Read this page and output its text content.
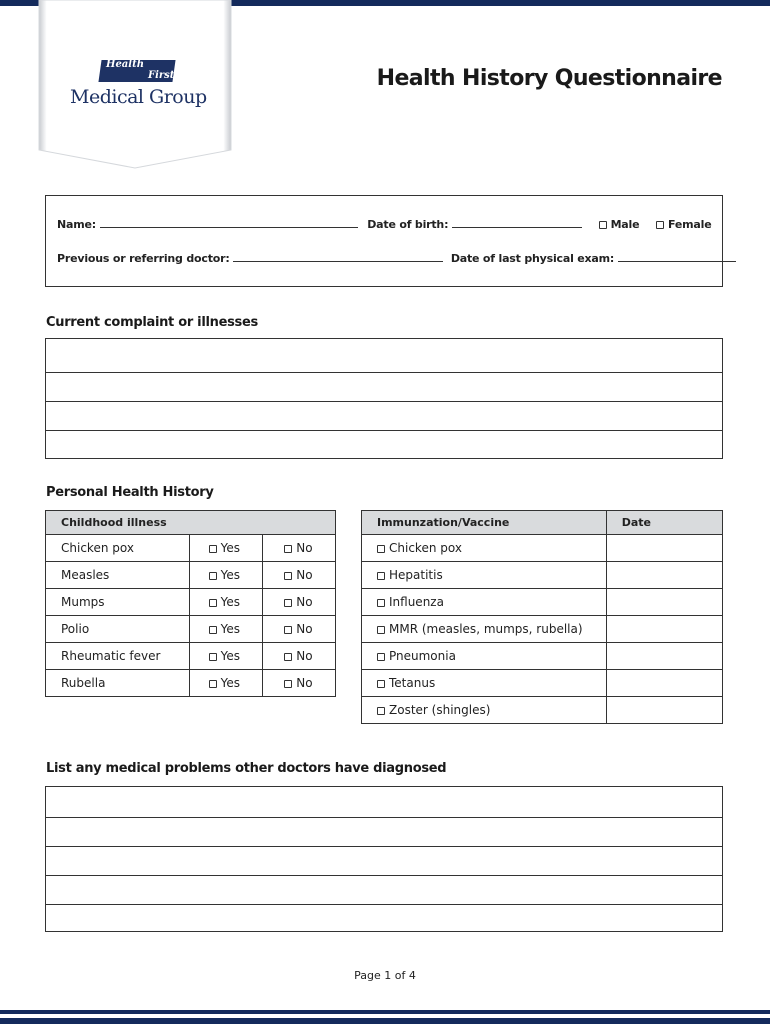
Health
First
Medical Group
Health History Questionnaire
Name:	Date of birth:	Male	Female
Previous or referring doctor:	Date of last physical exam:
Current complaint or illnesses
Personal Health History
Childhood illness		
Chicken pox	Yes	No
Measles	Yes	No
Mumps	Yes	No
Polio	Yes	No
Rheumatic fever	Yes	No
Rubella	Yes	No
Immunzation/Vaccine	Date
Chicken pox	
Hepatitis	
Influenza	
MMR (measles, mumps, rubella)	
Pneumonia	
Tetanus	
Zoster (shingles)	
List any medical problems other doctors have diagnosed
Page 1 of 4
